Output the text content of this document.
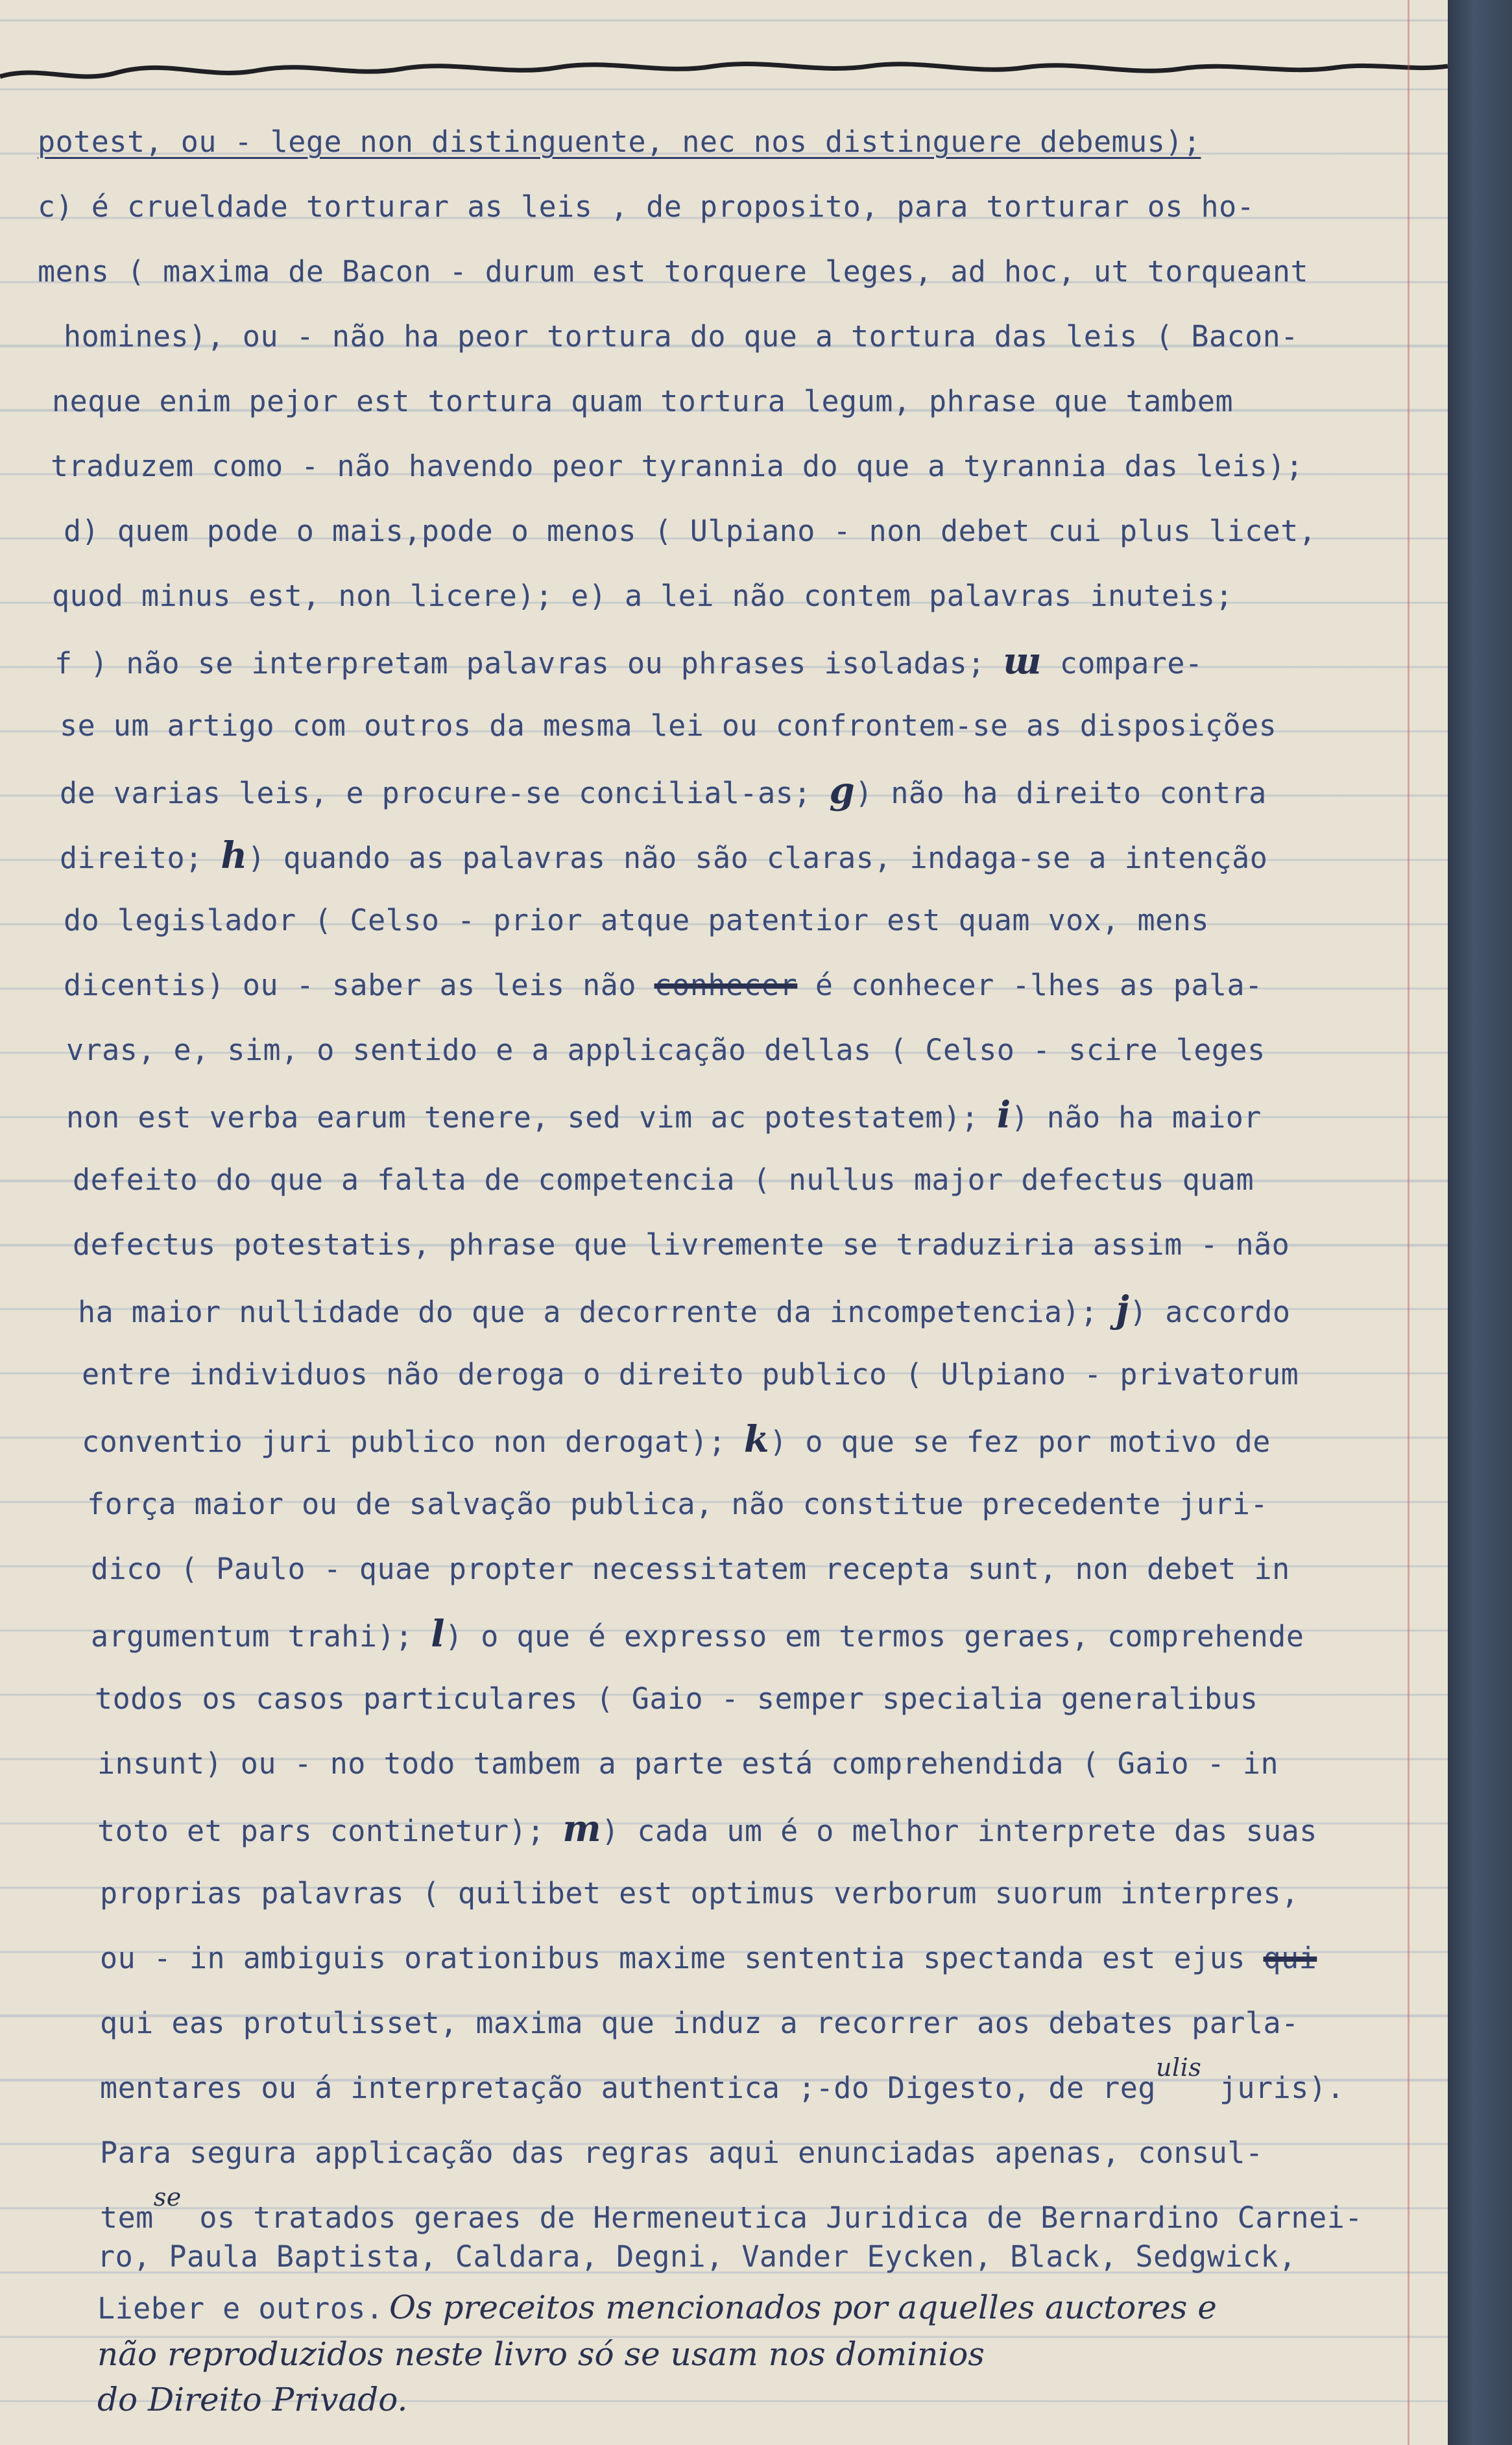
potest, ou - lege non distinguente, nec nos distinguere debemus);

c) é crueldade torturar as leis , de proposito, para torturar os ho-

mens ( maxima de Bacon - durum est torquere leges, ad hoc, ut torqueant

homines), ou - não ha peor tortura do que a tortura das leis ( Bacon-

neque enim pejor est tortura quam tortura legum, phrase que tambem

traduzem como - não havendo peor tyrannia do que a tyrannia das leis);

d) quem pode o mais,pode o menos ( Ulpiano - non debet cui plus licet,

quod minus est, non licere); e) a lei não contem palavras inuteis;

f ) não se interpretam palavras ou phrases isoladas; ɯ compare-

se um artigo com outros da mesma lei ou confrontem-se as disposições

de varias leis, e procure-se concilial-as; g) não ha direito contra

direito; h) quando as palavras não são claras, indaga-se a intenção

do legislador ( Celso - prior atque patentior est quam vox, mens

dicentis) ou - saber as leis não conhecer é conhecer -lhes as pala-

vras, e, sim, o sentido e a applicação dellas ( Celso - scire leges

non est verba earum tenere, sed vim ac potestatem); i) não ha maior

defeito do que a falta de competencia ( nullus major defectus quam

defectus potestatis, phrase que livremente se traduziria assim - não

ha maior nullidade do que a decorrente da incompetencia); j) accordo

entre individuos não deroga o direito publico ( Ulpiano - privatorum

conventio juri publico non derogat); k) o que se fez por motivo de

força maior ou de salvação publica, não constitue precedente juri-

dico ( Paulo - quae propter necessitatem recepta sunt, non debet in

argumentum trahi); l) o que é expresso em termos geraes, comprehende

todos os casos particulares ( Gaio - semper specialia generalibus

insunt) ou - no todo tambem a parte está comprehendida ( Gaio - in

toto et pars continetur); m) cada um é o melhor interprete das suas

proprias palavras ( quilibet est optimus verborum suorum interpres,

ou - in ambiguis orationibus maxime sententia spectanda est ejus qui

qui eas protulisset, maxima que induz a recorrer aos debates parla-

mentares ou á interpretação authentica ;-do Digesto, de reg$^{ulis}$ juris).

Para segura applicação das regras aqui enunciadas apenas, consul-

tem$^{se}$ os tratados geraes de Hermeneutica Juridica de Bernardino Carnei-

ro, Paula Baptista, Caldara, Degni, Vander Eycken, Black, Sedgwick,

Lieber e outros. Os preceitos mencionados por aquelles auctores e

não reproduzidos neste livro só se usam nos dominios

do Direito Privado.
